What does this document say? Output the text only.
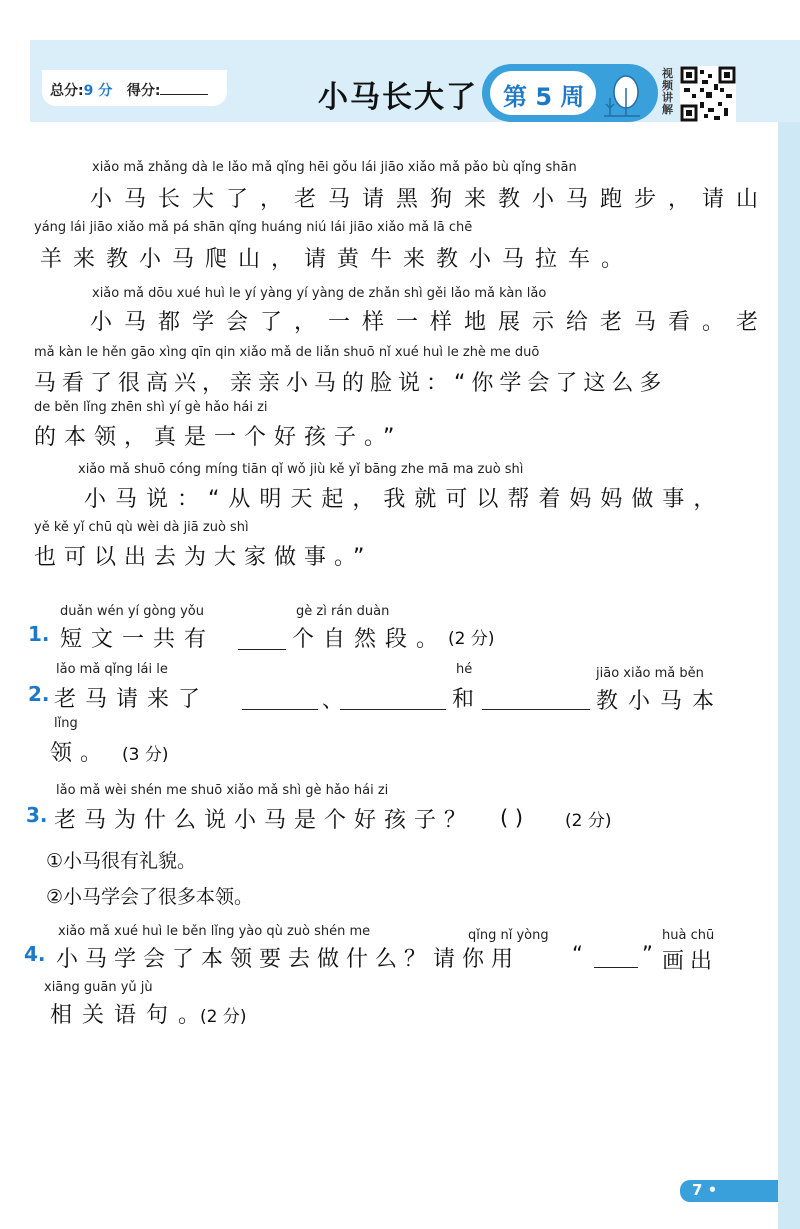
总分:9 分 得分:	小马长大了 第 5 周
视频讲解
xiǎo mǎ zhǎng dà le lǎo mǎ qǐng hēi gǒu lái jiāo xiǎo mǎ pǎo bù qǐng shān
小马长大了，老马请黑狗来教小马跑步，请山
yáng lái jiāo xiǎo mǎ pá shān qǐng huáng niú lái jiāo xiǎo mǎ lā chē
羊来教小马爬山，请黄牛来教小马拉车。
xiǎo mǎ dōu xué huì le yí yàng yí yàng de zhǎn shì gěi lǎo mǎ kàn lǎo
小马都学会了，一样一样地展示给老马看。老
mǎ kàn le hěn gāo xìng qīn qin xiǎo mǎ de liǎn shuō nǐ xué huì le zhè me duō
马看了很高兴，亲亲小马的脸说：“你学会了这么多
de běn lǐng zhēn shì yí gè hǎo hái zi
的本领，真是一个好孩子。”
xiǎo mǎ shuō cóng míng tiān qǐ wǒ jiù kě yǐ bāng zhe mā ma zuò shì
小马说：“从明天起，我就可以帮着妈妈做事，
yě kě yǐ chū qù wèi dà jiā zuò shì
也可以出去为大家做事。”
1.
duǎn wén yí gòng yǒu
短文一共有
gè zì rán duàn
个自然段。 (2 分)
2.
lǎo mǎ qǐng lái le
老马请来了	、
hé
和
jiāo xiǎo mǎ běn
教小马本
lǐng
领。 (3 分)
3.
lǎo mǎ wèi shén me shuō xiǎo mǎ shì gè hǎo hái zi
老马为什么说小马是个好孩子？ ( ) (2 分)
①小马很有礼貌。
②小马学会了很多本领。
4.
xiǎo mǎ xué huì le běn lǐng yào qù zuò shén me	qǐng nǐ yòng
小马学会了本领要去做什么？请你用 “	”
huà chū
画出
xiāng guān yǔ jù
相关语句。
(2 分)
7 •
